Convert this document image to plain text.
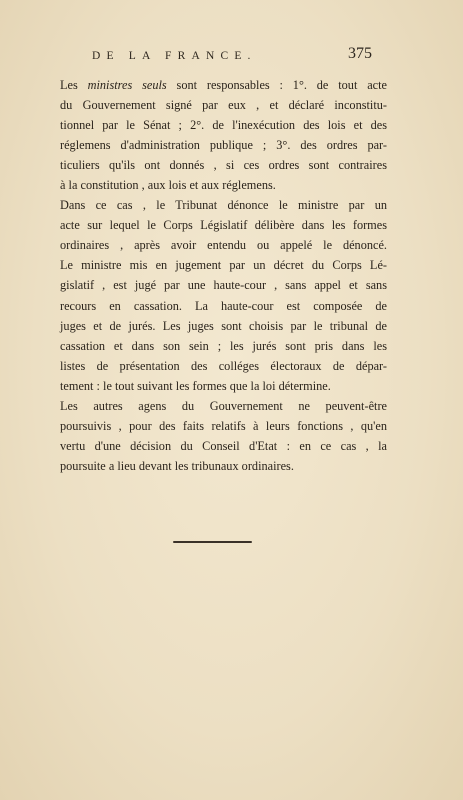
DE LA FRANCE.	375
Les ministres seuls sont responsables : 1°. de tout acte
du Gouvernement signé par eux , et déclaré inconstitu-
tionnel par le Sénat ; 2°. de l'inexécution des lois et des
réglemens d'administration publique ; 3°. des ordres par-
ticuliers qu'ils ont donnés , si ces ordres sont contraires
à la constitution , aux lois et aux réglemens.
Dans ce cas , le Tribunat dénonce le ministre par un
acte sur lequel le Corps Législatif délibère dans les formes
ordinaires , après avoir entendu ou appelé le dénoncé.
Le ministre mis en jugement par un décret du Corps Lé-
gislatif , est jugé par une haute-cour , sans appel et sans
recours en cassation. La haute-cour est composée de
juges et de jurés. Les juges sont choisis par le tribunal de
cassation et dans son sein ; les jurés sont pris dans les
listes de présentation des colléges électoraux de dépar-
tement : le tout suivant les formes que la loi détermine.
Les autres agens du Gouvernement ne peuvent-être
poursuivis , pour des faits relatifs à leurs fonctions , qu'en
vertu d'une décision du Conseil d'Etat : en ce cas , la
poursuite a lieu devant les tribunaux ordinaires.
